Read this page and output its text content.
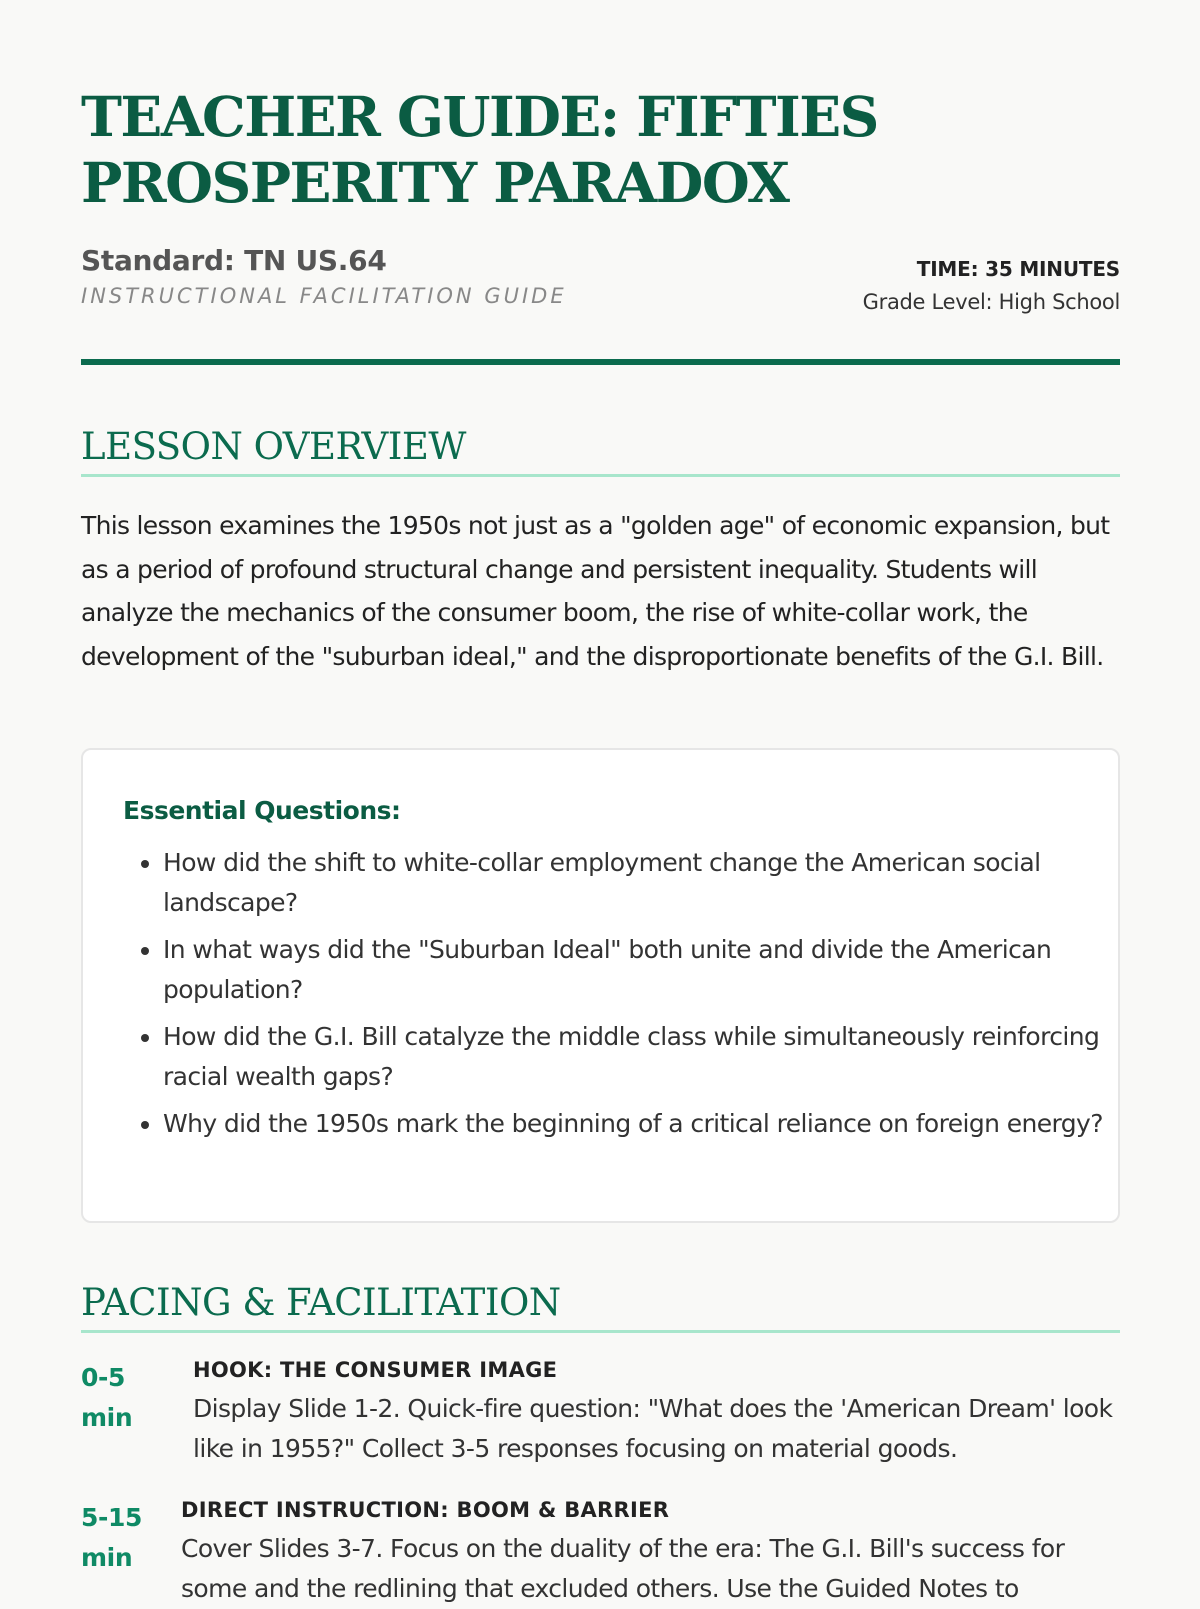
TEACHER GUIDE: FIFTIES
PROSPERITY PARADOX
Standard: TN US.64
INSTRUCTIONAL FACILITATION GUIDE
TIME: 35 MINUTES
Grade Level: High School
LESSON OVERVIEW

This lesson examines the 1950s not just as a "golden age" of economic expansion, but as a period of profound structural change and persistent inequality. Students will analyze the mechanics of the consumer boom, the rise of white-collar work, the development of the "suburban ideal," and the disproportionate benefits of the G.I. Bill.

Essential Questions:
• How did the shift to white-collar employment change the American social landscape?
• In what ways did the "Suburban Ideal" both unite and divide the American population?
• How did the G.I. Bill catalyze the middle class while simultaneously reinforcing racial wealth gaps?
• Why did the 1950s mark the beginning of a critical reliance on foreign energy?
PACING & FACILITATION
0-5
min
HOOK: THE CONSUMER IMAGE
Display Slide 1-2. Quick-fire question: "What does the 'American Dream' look like in 1955?" Collect 3-5 responses focusing on material goods.
5-15
min
DIRECT INSTRUCTION: BOOM & BARRIER
Cover Slides 3-7. Focus on the duality of the era: The G.I. Bill's success for some and the redlining that excluded others. Use the Guided Notes to
